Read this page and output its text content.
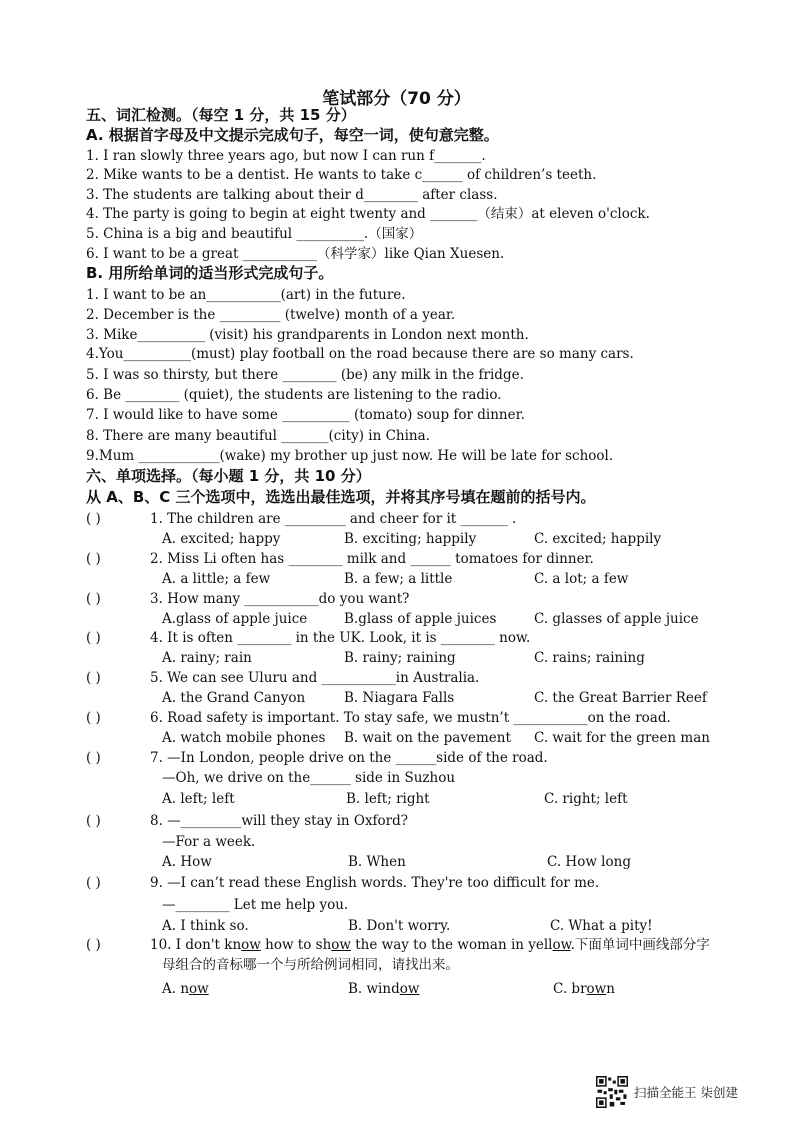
笔试部分（70 分）
五、词汇检测。（每空 1 分，共 15 分）
A. 根据首字母及中文提示完成句子，每空一词，使句意完整。
1. I ran slowly three years ago, but now I can run f_______.
2. Mike wants to be a dentist. He wants to take c______ of children’s teeth.
3. The students are talking about their d________ after class.
4. The party is going to begin at eight twenty and _______（结束）at eleven o'clock.
5. China is a big and beautiful __________.（国家）
6. I want to be a great ___________（科学家）like Qian Xuesen.
B. 用所给单词的适当形式完成句子。
1. I want to be an___________(art) in the future.
2. December is the _________ (twelve) month of a year.
3. Mike__________ (visit) his grandparents in London next month.
4.You__________(must) play football on the road because there are so many cars.
5. I was so thirsty, but there ________ (be) any milk in the fridge.
6. Be ________ (quiet), the students are listening to the radio.
7. I would like to have some __________ (tomato) soup for dinner.
8. There are many beautiful _______(city) in China.
9.Mum ____________(wake) my brother up just now. He will be late for school.
六、单项选择。（每小题 1 分，共 10 分）
从 A、B、C 三个选项中，选选出最佳选项，并将其序号填在题前的括号内。
( )	1. The children are _________ and cheer for it _______ .
A. excited; happy	B. exciting; happily	C. excited; happily
( )	2. Miss Li often has ________ milk and ______ tomatoes for dinner.
A. a little; a few	B. a few; a little	C. a lot; a few
( )	3. How many ___________do you want?
A.glass of apple juice	B.glass of apple juices	C. glasses of apple juice
( )	4. It is often ________ in the UK. Look, it is ________ now.
A. rainy; rain	B. rainy; raining	C. rains; raining
( )	5. We can see Uluru and ___________in Australia.
A. the Grand Canyon	B. Niagara Falls	C. the Great Barrier Reef
( )	6. Road safety is important. To stay safe, we mustn’t ___________on the road.
A. watch mobile phones B. wait on the pavement C. wait for the green man
( )	7. —In London, people drive on the ______side of the road.
—Oh, we drive on the______ side in Suzhou
A. left; left	B. left; right	C. right; left
( )	8. —_________will they stay in Oxford?
—For a week.
A. How	B. When	C. How long
( )	9. —I can’t read these English words. They're too difficult for me.
—________ Let me help you.
A. I think so.	B. Don't worry.	C. What a pity!
( )	10. I don't know how to show the way to the woman in yellow.下面单词中画线部分字
母组合的音标哪一个与所给例词相同，请找出来。
A. now	B. window	C. brown
扫描全能王 柒创建
